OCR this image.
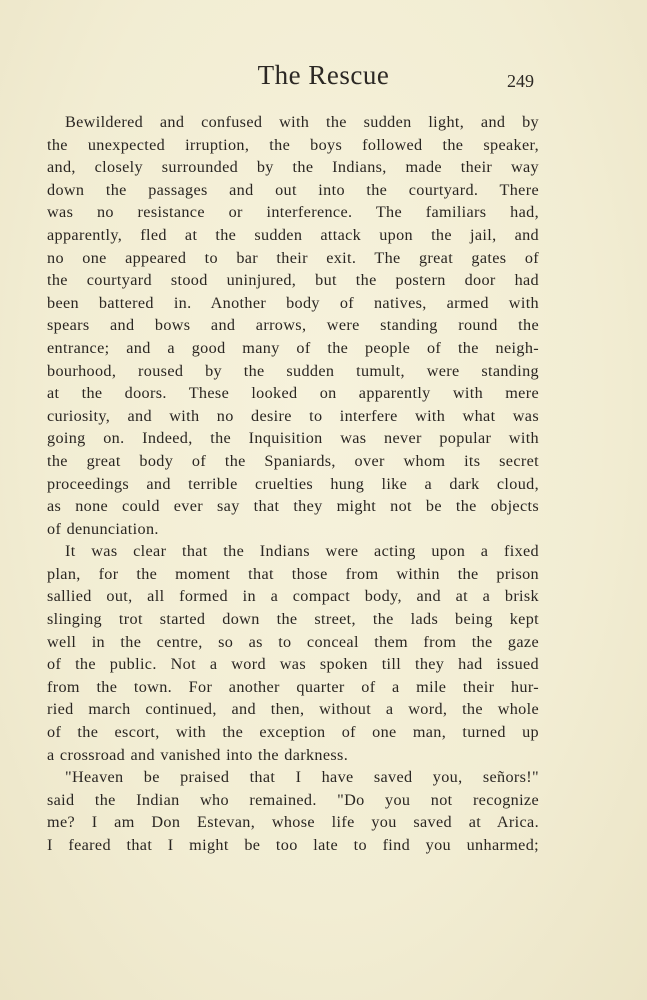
The Rescue	249
Bewildered and confused with the sudden light, and by
the unexpected irruption, the boys followed the speaker,
and, closely surrounded by the Indians, made their way
down the passages and out into the courtyard. There
was no resistance or interference. The familiars had,
apparently, fled at the sudden attack upon the jail, and
no one appeared to bar their exit. The great gates of
the courtyard stood uninjured, but the postern door had
been battered in. Another body of natives, armed with
spears and bows and arrows, were standing round the
entrance; and a good many of the people of the neigh-
bourhood, roused by the sudden tumult, were standing
at the doors. These looked on apparently with mere
curiosity, and with no desire to interfere with what was
going on. Indeed, the Inquisition was never popular with
the great body of the Spaniards, over whom its secret
proceedings and terrible cruelties hung like a dark cloud,
as none could ever say that they might not be the objects
of denunciation.
It was clear that the Indians were acting upon a fixed
plan, for the moment that those from within the prison
sallied out, all formed in a compact body, and at a brisk
slinging trot started down the street, the lads being kept
well in the centre, so as to conceal them from the gaze
of the public. Not a word was spoken till they had issued
from the town. For another quarter of a mile their hur-
ried march continued, and then, without a word, the whole
of the escort, with the exception of one man, turned up
a crossroad and vanished into the darkness.
"Heaven be praised that I have saved you, señors!"
said the Indian who remained. "Do you not recognize
me? I am Don Estevan, whose life you saved at Arica.
I feared that I might be too late to find you unharmed;
